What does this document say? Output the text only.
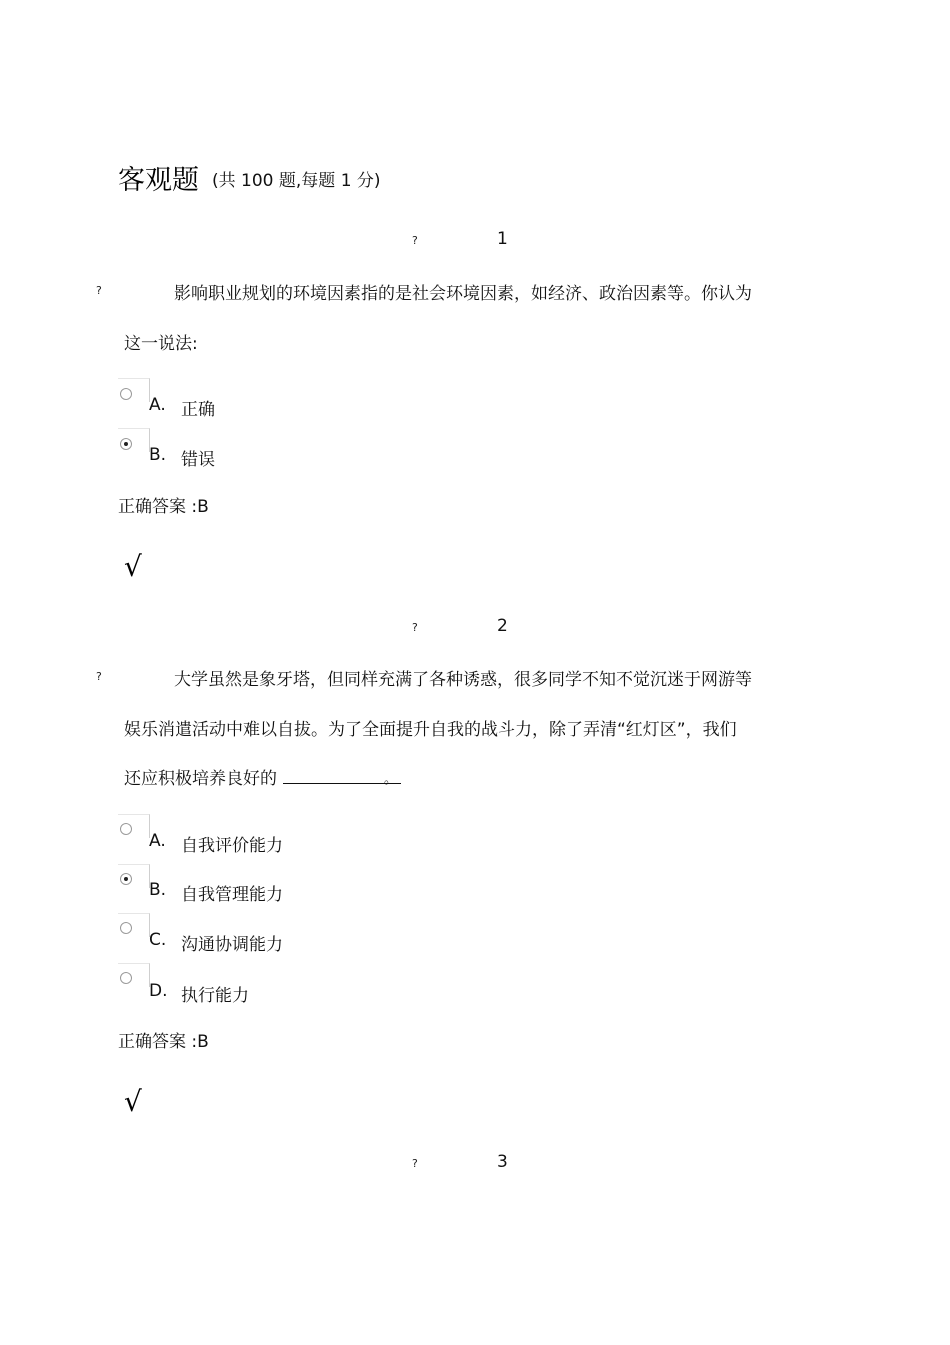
客观题 (共 100 题,每题 1 分)
?	1
?	影响职业规划的环境因素指的是社会环境因素，如经济、政治因素等。你认为
这一说法:
A. 正确
B. 错误
正确答案 :B
√
?	2
?	大学虽然是象牙塔，但同样充满了各种诱惑，很多同学不知不觉沉迷于网游等
娱乐消遣活动中难以自拔。为了全面提升自我的战斗力，除了弄清“红灯区”，我们
还应积极培养良好的	。
A. 自我评价能力
B. 自我管理能力
C. 沟通协调能力
D. 执行能力
正确答案 :B
√
?	3
